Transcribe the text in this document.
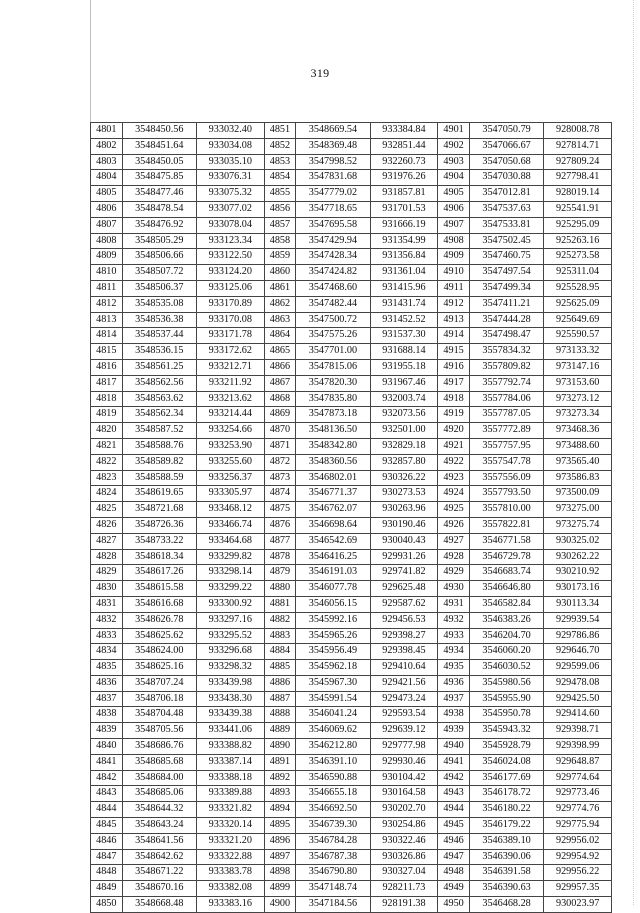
319
4801	3548450.56	933032.40	4851	3548669.54	933384.84	4901	3547050.79	928008.78
4802	3548451.64	933034.08	4852	3548369.48	932851.44	4902	3547066.67	927814.71
4803	3548450.05	933035.10	4853	3547998.52	932260.73	4903	3547050.68	927809.24
4804	3548475.85	933076.31	4854	3547831.68	931976.26	4904	3547030.88	927798.41
4805	3548477.46	933075.32	4855	3547779.02	931857.81	4905	3547012.81	928019.14
4806	3548478.54	933077.02	4856	3547718.65	931701.53	4906	3547537.63	925541.91
4807	3548476.92	933078.04	4857	3547695.58	931666.19	4907	3547533.81	925295.09
4808	3548505.29	933123.34	4858	3547429.94	931354.99	4908	3547502.45	925263.16
4809	3548506.66	933122.50	4859	3547428.34	931356.84	4909	3547460.75	925273.58
4810	3548507.72	933124.20	4860	3547424.82	931361.04	4910	3547497.54	925311.04
4811	3548506.37	933125.06	4861	3547468.60	931415.96	4911	3547499.34	925528.95
4812	3548535.08	933170.89	4862	3547482.44	931431.74	4912	3547411.21	925625.09
4813	3548536.38	933170.08	4863	3547500.72	931452.52	4913	3547444.28	925649.69
4814	3548537.44	933171.78	4864	3547575.26	931537.30	4914	3547498.47	925590.57
4815	3548536.15	933172.62	4865	3547701.00	931688.14	4915	3557834.32	973133.32
4816	3548561.25	933212.71	4866	3547815.06	931955.18	4916	3557809.82	973147.16
4817	3548562.56	933211.92	4867	3547820.30	931967.46	4917	3557792.74	973153.60
4818	3548563.62	933213.62	4868	3547835.80	932003.74	4918	3557784.06	973273.12
4819	3548562.34	933214.44	4869	3547873.18	932073.56	4919	3557787.05	973273.34
4820	3548587.52	933254.66	4870	3548136.50	932501.00	4920	3557772.89	973468.36
4821	3548588.76	933253.90	4871	3548342.80	932829.18	4921	3557757.95	973488.60
4822	3548589.82	933255.60	4872	3548360.56	932857.80	4922	3557547.78	973565.40
4823	3548588.59	933256.37	4873	3546802.01	930326.22	4923	3557556.09	973586.83
4824	3548619.65	933305.97	4874	3546771.37	930273.53	4924	3557793.50	973500.09
4825	3548721.68	933468.12	4875	3546762.07	930263.96	4925	3557810.00	973275.00
4826	3548726.36	933466.74	4876	3546698.64	930190.46	4926	3557822.81	973275.74
4827	3548733.22	933464.68	4877	3546542.69	930040.43	4927	3546771.58	930325.02
4828	3548618.34	933299.82	4878	3546416.25	929931.26	4928	3546729.78	930262.22
4829	3548617.26	933298.14	4879	3546191.03	929741.82	4929	3546683.74	930210.92
4830	3548615.58	933299.22	4880	3546077.78	929625.48	4930	3546646.80	930173.16
4831	3548616.68	933300.92	4881	3546056.15	929587.62	4931	3546582.84	930113.34
4832	3548626.78	933297.16	4882	3545992.16	929456.53	4932	3546383.26	929939.54
4833	3548625.62	933295.52	4883	3545965.26	929398.27	4933	3546204.70	929786.86
4834	3548624.00	933296.68	4884	3545956.49	929398.45	4934	3546060.20	929646.70
4835	3548625.16	933298.32	4885	3545962.18	929410.64	4935	3546030.52	929599.06
4836	3548707.24	933439.98	4886	3545967.30	929421.56	4936	3545980.56	929478.08
4837	3548706.18	933438.30	4887	3545991.54	929473.24	4937	3545955.90	929425.50
4838	3548704.48	933439.38	4888	3546041.24	929593.54	4938	3545950.78	929414.60
4839	3548705.56	933441.06	4889	3546069.62	929639.12	4939	3545943.32	929398.71
4840	3548686.76	933388.82	4890	3546212.80	929777.98	4940	3545928.79	929398.99
4841	3548685.68	933387.14	4891	3546391.10	929930.46	4941	3546024.08	929648.87
4842	3548684.00	933388.18	4892	3546590.88	930104.42	4942	3546177.69	929774.64
4843	3548685.06	933389.88	4893	3546655.18	930164.58	4943	3546178.72	929773.46
4844	3548644.32	933321.82	4894	3546692.50	930202.70	4944	3546180.22	929774.76
4845	3548643.24	933320.14	4895	3546739.30	930254.86	4945	3546179.22	929775.94
4846	3548641.56	933321.20	4896	3546784.28	930322.46	4946	3546389.10	929956.02
4847	3548642.62	933322.88	4897	3546787.38	930326.86	4947	3546390.06	929954.92
4848	3548671.22	933383.78	4898	3546790.80	930327.04	4948	3546391.58	929956.22
4849	3548670.16	933382.08	4899	3547148.74	928211.73	4949	3546390.63	929957.35
4850	3548668.48	933383.16	4900	3547184.56	928191.38	4950	3546468.28	930023.97
